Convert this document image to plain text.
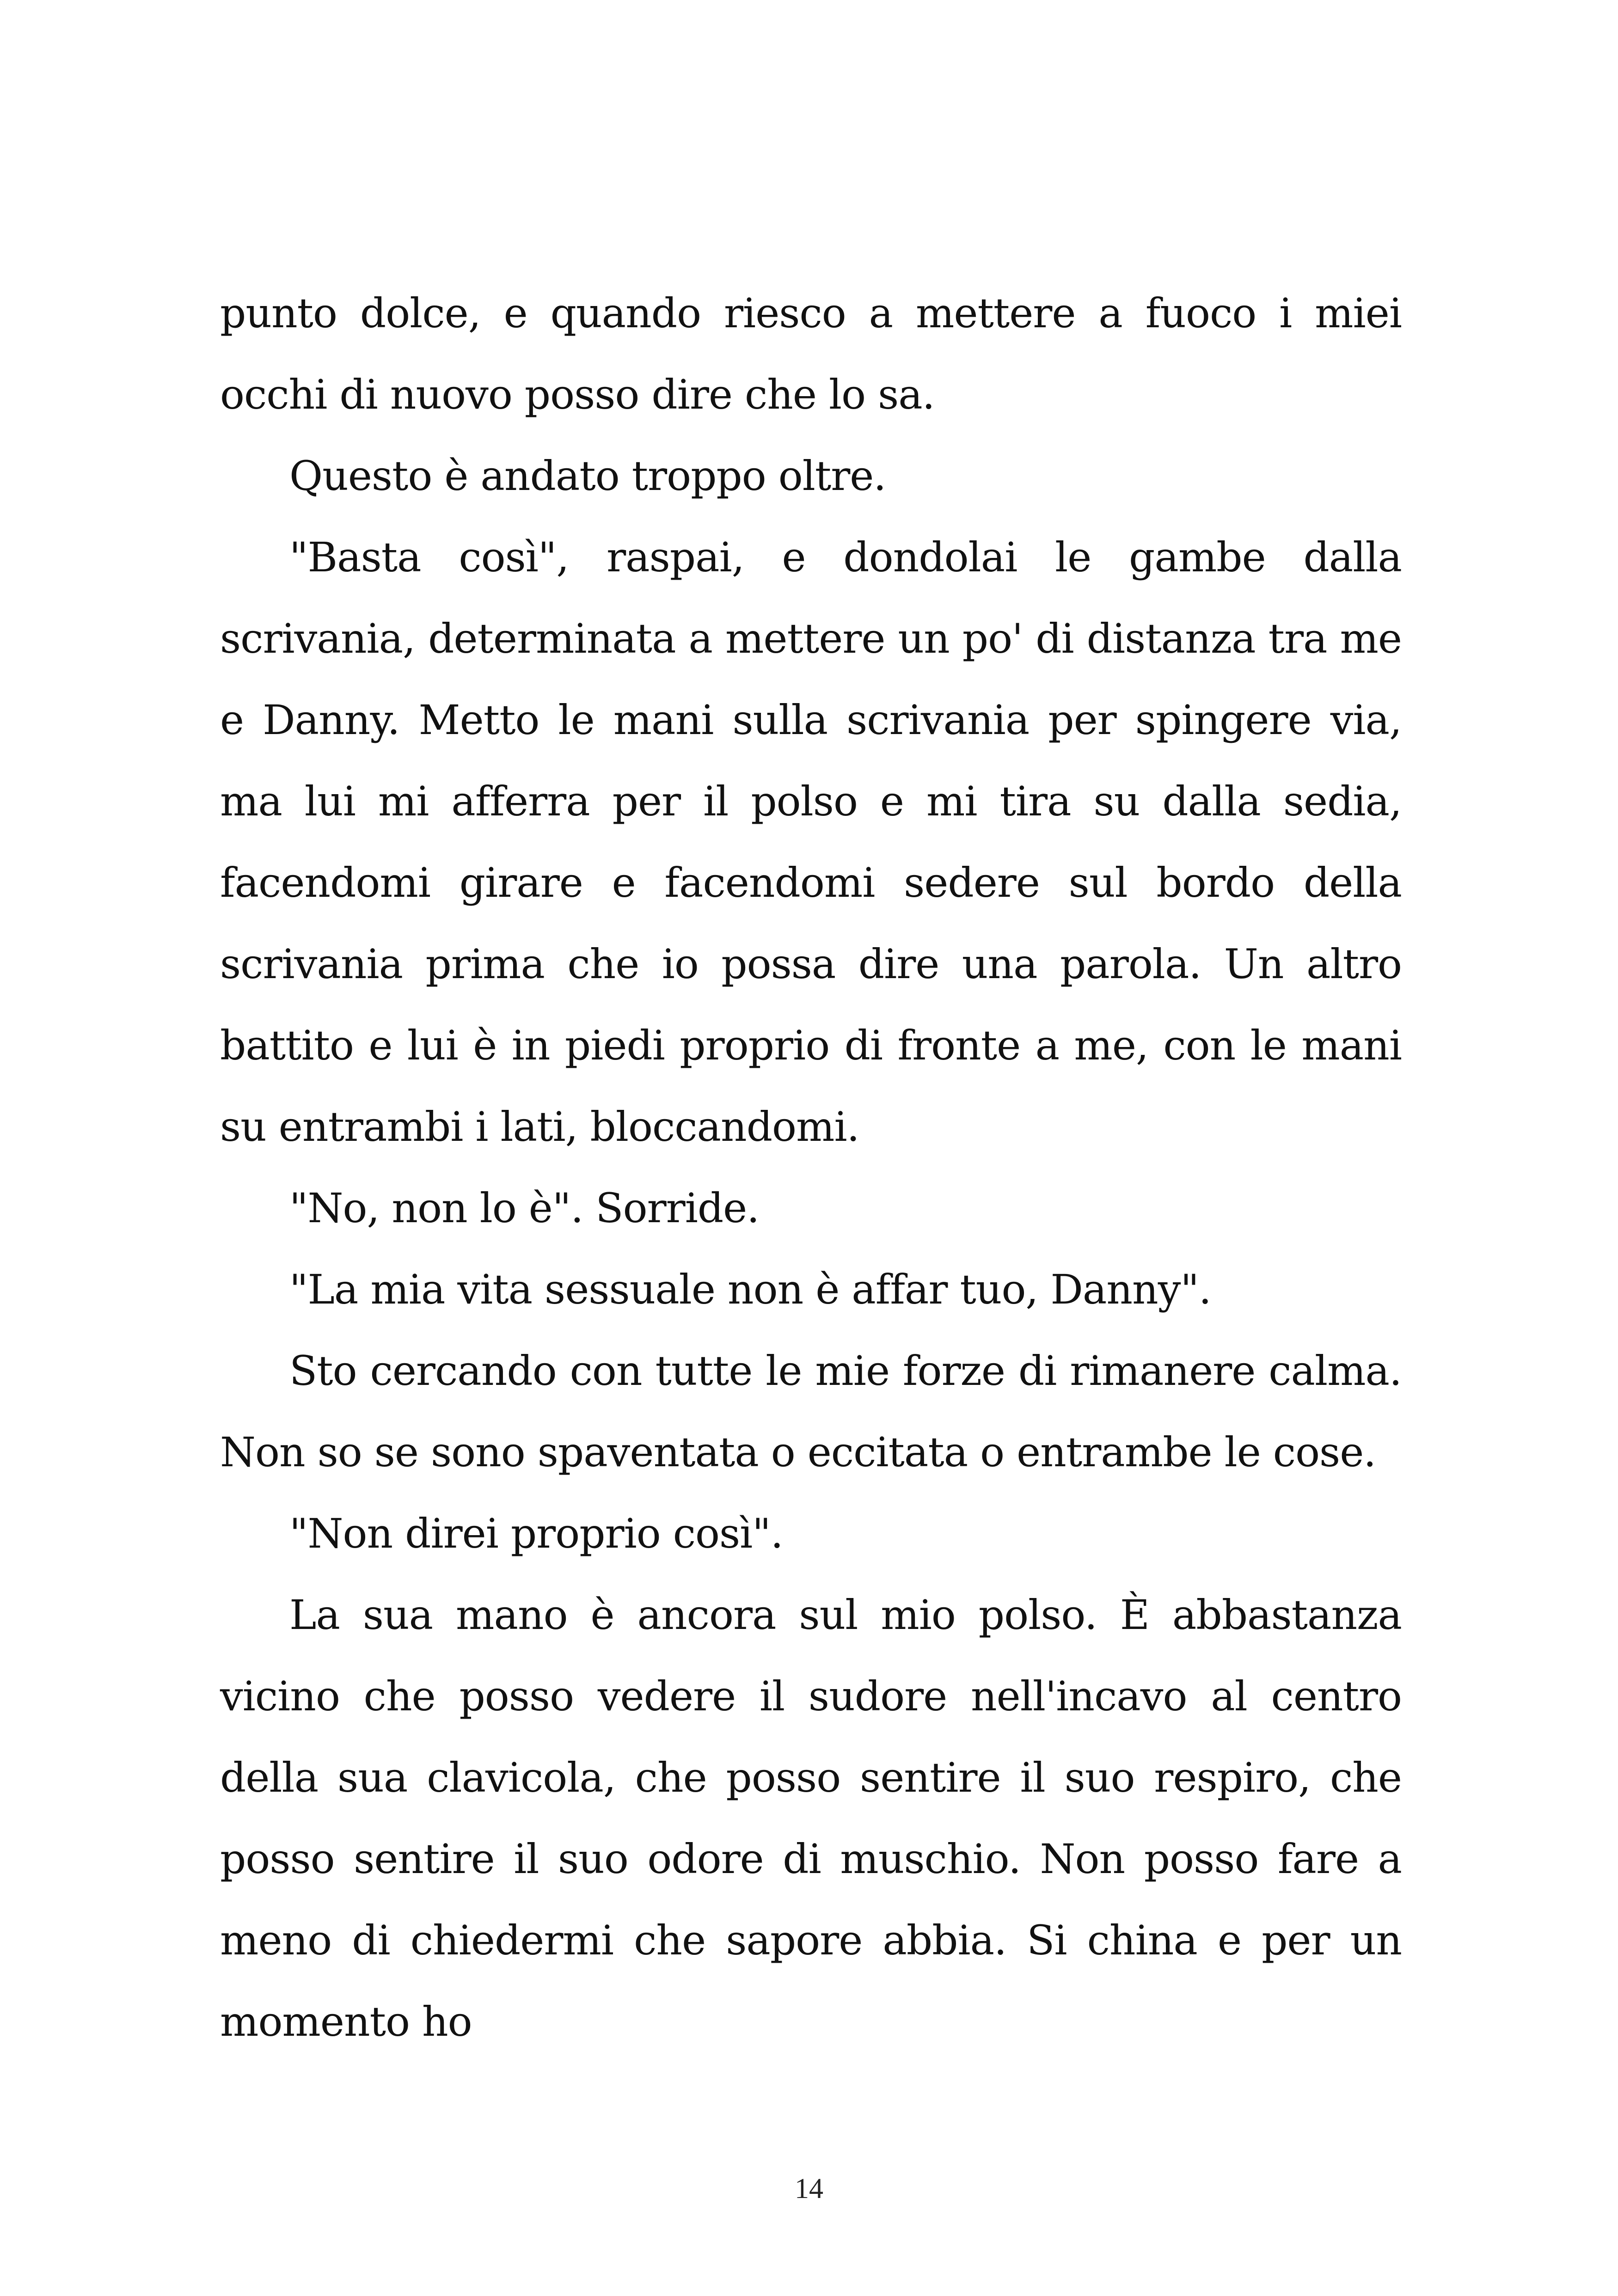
punto dolce, e quando riesco a mettere a fuoco i miei occhi di nuovo posso dire che lo sa.

Questo è andato troppo oltre.

"Basta così", raspai, e dondolai le gambe dalla scrivania, determinata a mettere un po' di distanza tra me e Danny. Metto le mani sulla scrivania per spingere via, ma lui mi afferra per il polso e mi tira su dalla sedia, facendomi girare e facendomi sedere sul bordo della scrivania prima che io possa dire una parola. Un altro battito e lui è in piedi proprio di fronte a me, con le mani su entrambi i lati, bloccandomi.

"No, non lo è". Sorride.

"La mia vita sessuale non è affar tuo, Danny".

Sto cercando con tutte le mie forze di rimanere calma. Non so se sono spaventata o eccitata o entrambe le cose.

"Non direi proprio così".

La sua mano è ancora sul mio polso. È abbastanza vicino che posso vedere il sudore nell'incavo al centro della sua clavicola, che posso sentire il suo respiro, che posso sentire il suo odore di muschio. Non posso fare a meno di chiedermi che sapore abbia. Si china e per un momento ho

14
